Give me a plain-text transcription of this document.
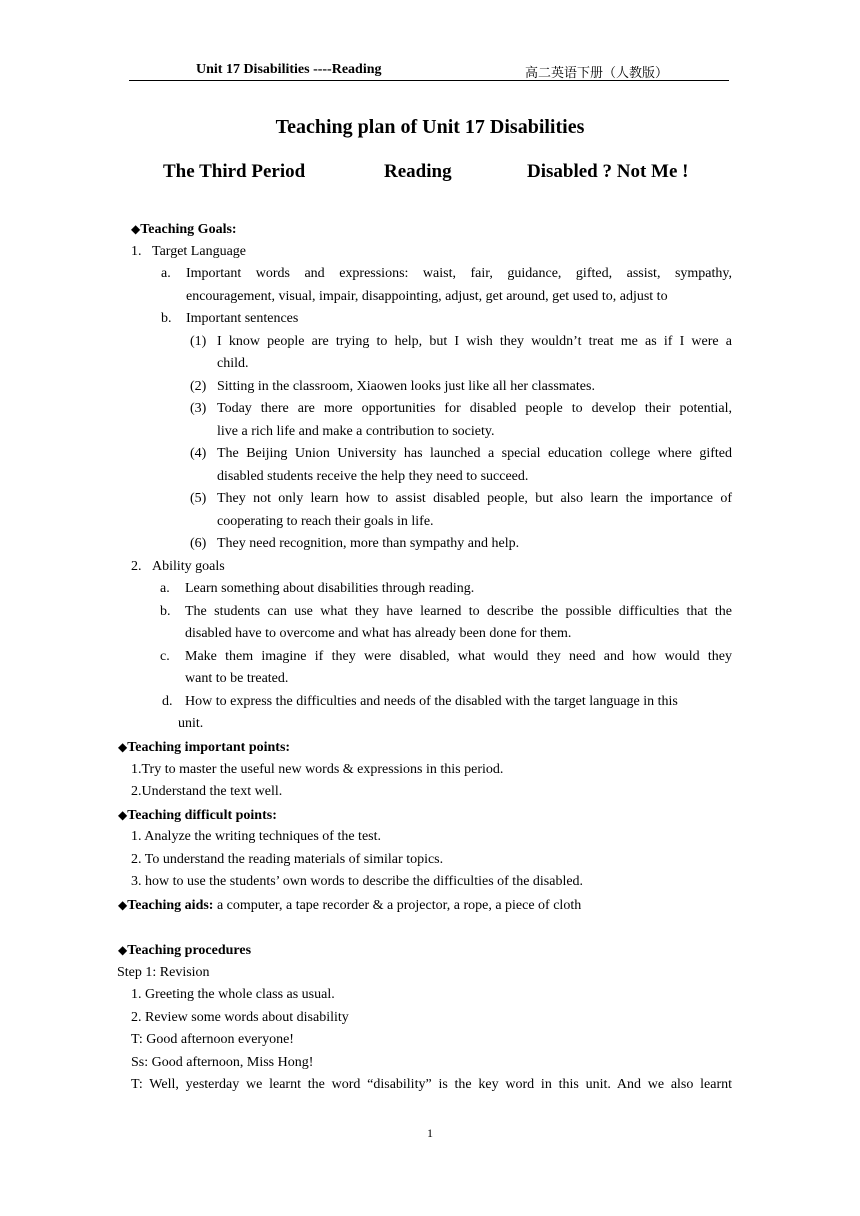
Unit 17 Disabilities ----Reading	高二英语下册（人教版）
Teaching plan of Unit 17 Disabilities
The Third Period	Reading	Disabled ? Not Me !
◆Teaching Goals:
1.   Target Language
a. Important words and expressions: waist, fair, guidance, gifted, assist, sympathy,
encouragement, visual, impair, disappointing, adjust, get around, get used to, adjust to
b. Important sentences
(1) I know people are trying to help, but I wish they wouldn’t treat me as if I were a
child.
(2) Sitting in the classroom, Xiaowen looks just like all her classmates.
(3) Today there are more opportunities for disabled people to develop their potential,
live a rich life and make a contribution to society.
(4) The Beijing Union University has launched a special education college where gifted
disabled students receive the help they need to succeed.
(5) They not only learn how to assist disabled people, but also learn the importance of
cooperating to reach their goals in life.
(6) They need recognition, more than sympathy and help.
2.   Ability goals
a. Learn something about disabilities through reading.
b. The students can use what they have learned to describe the possible difficulties that the
disabled have to overcome and what has already been done for them.
c. Make them imagine if they were disabled, what would they need and how would they
want to be treated.
d. How to express the difficulties and needs of the disabled with the target language in this
unit.
◆Teaching important points:
1.Try to master the useful new words & expressions in this period.
2.Understand the text well.
◆Teaching difficult points:
1. Analyze the writing techniques of the test.
2. To understand the reading materials of similar topics.
3. how to use the students’ own words to describe the difficulties of the disabled.
◆Teaching aids: a computer, a tape recorder & a projector, a rope, a piece of cloth
◆Teaching procedures
Step 1: Revision
1. Greeting the whole class as usual.
2. Review some words about disability
T: Good afternoon everyone!
Ss: Good afternoon, Miss Hong!
T: Well, yesterday we learnt the word “disability” is the key word in this unit. And we also learnt
1
